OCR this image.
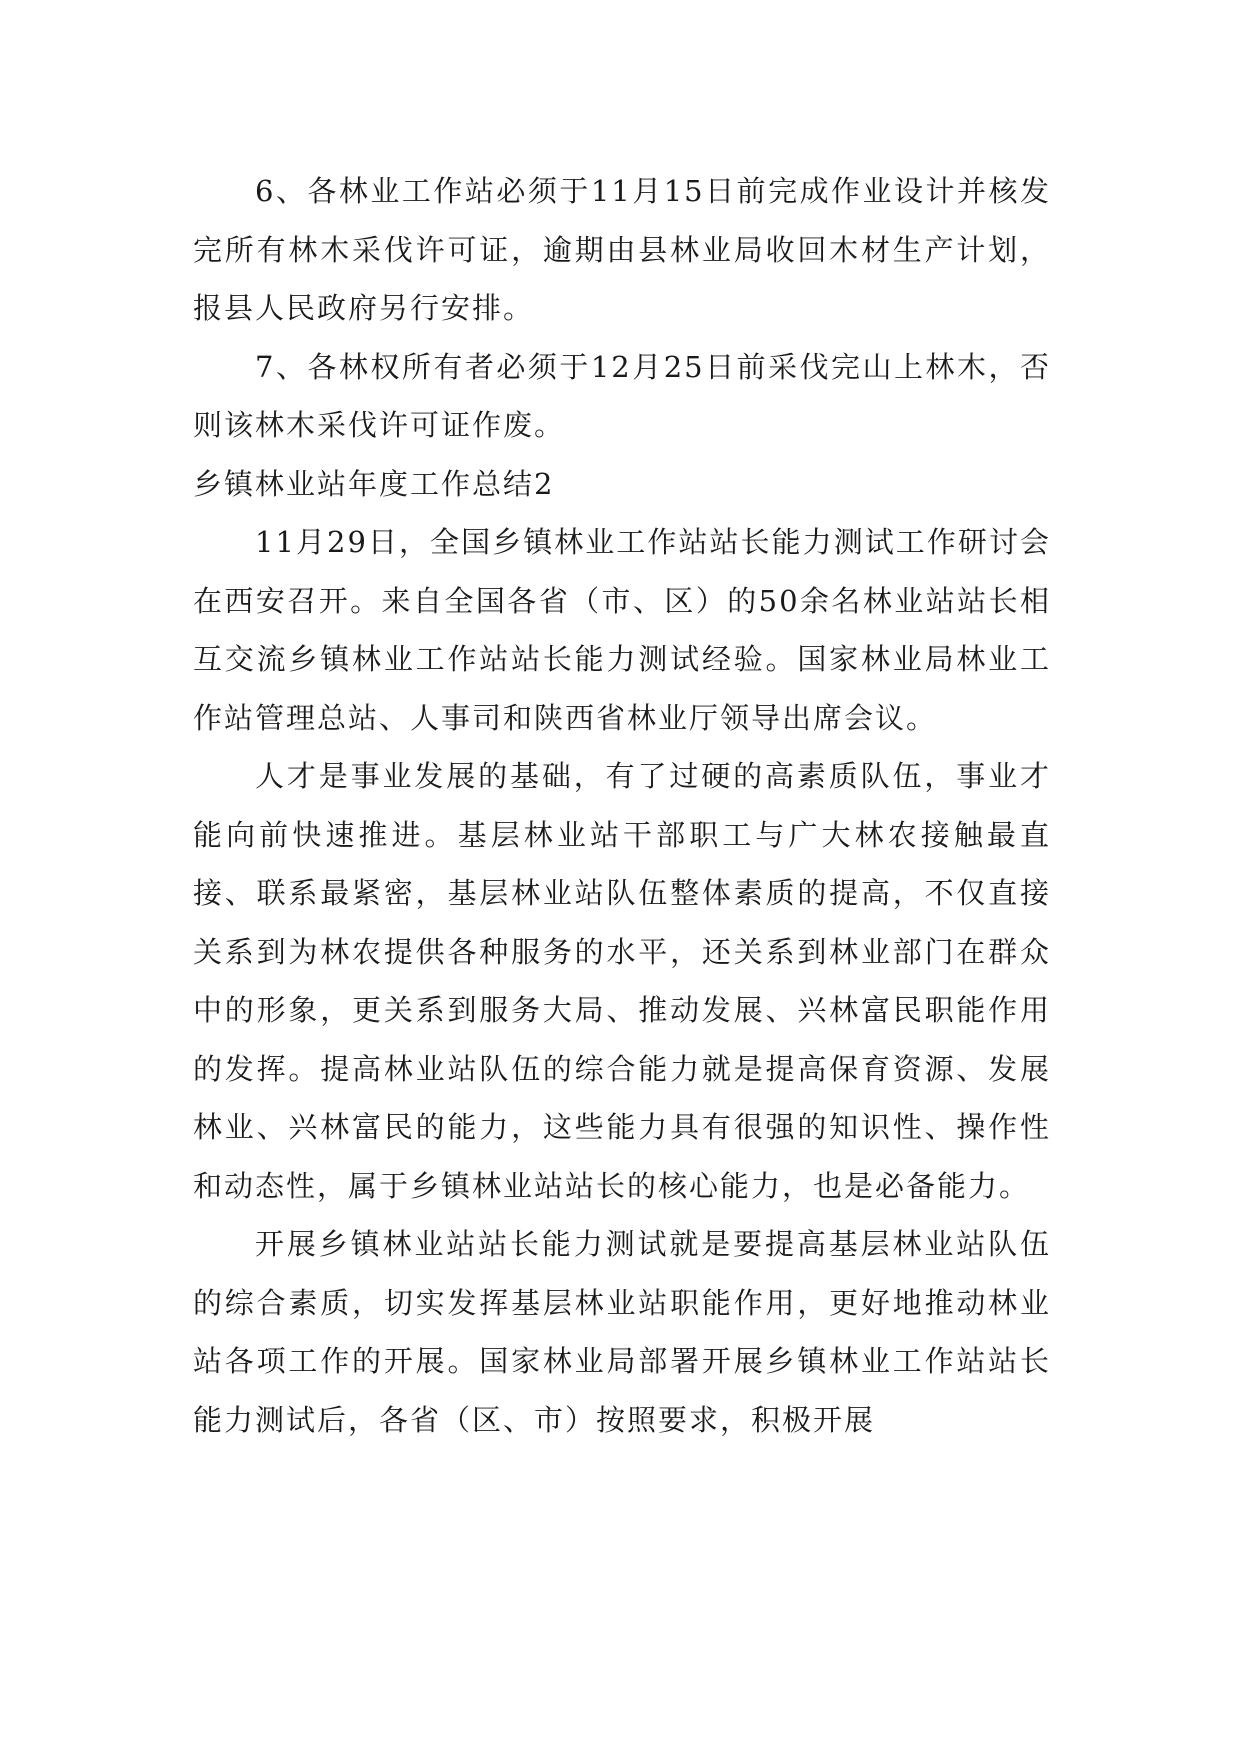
6、各林业工作站必须于11月15日前完成作业设计并核发完所有林木采伐许可证，逾期由县林业局收回木材生产计划，报县人民政府另行安排。

7、各林权所有者必须于12月25日前采伐完山上林木，否则该林木采伐许可证作废。

乡镇林业站年度工作总结2

11月29日，全国乡镇林业工作站站长能力测试工作研讨会在西安召开。来自全国各省（市、区）的50余名林业站站长相互交流乡镇林业工作站站长能力测试经验。国家林业局林业工作站管理总站、人事司和陕西省林业厅领导出席会议。

人才是事业发展的基础，有了过硬的高素质队伍，事业才能向前快速推进。基层林业站干部职工与广大林农接触最直接、联系最紧密，基层林业站队伍整体素质的提高，不仅直接关系到为林农提供各种服务的水平，还关系到林业部门在群众中的形象，更关系到服务大局、推动发展、兴林富民职能作用的发挥。提高林业站队伍的综合能力就是提高保育资源、发展林业、兴林富民的能力，这些能力具有很强的知识性、操作性和动态性，属于乡镇林业站站长的核心能力，也是必备能力。

开展乡镇林业站站长能力测试就是要提高基层林业站队伍的综合素质，切实发挥基层林业站职能作用，更好地推动林业站各项工作的开展。国家林业局部署开展乡镇林业工作站站长能力测试后，各省（区、市）按照要求，积极开展
